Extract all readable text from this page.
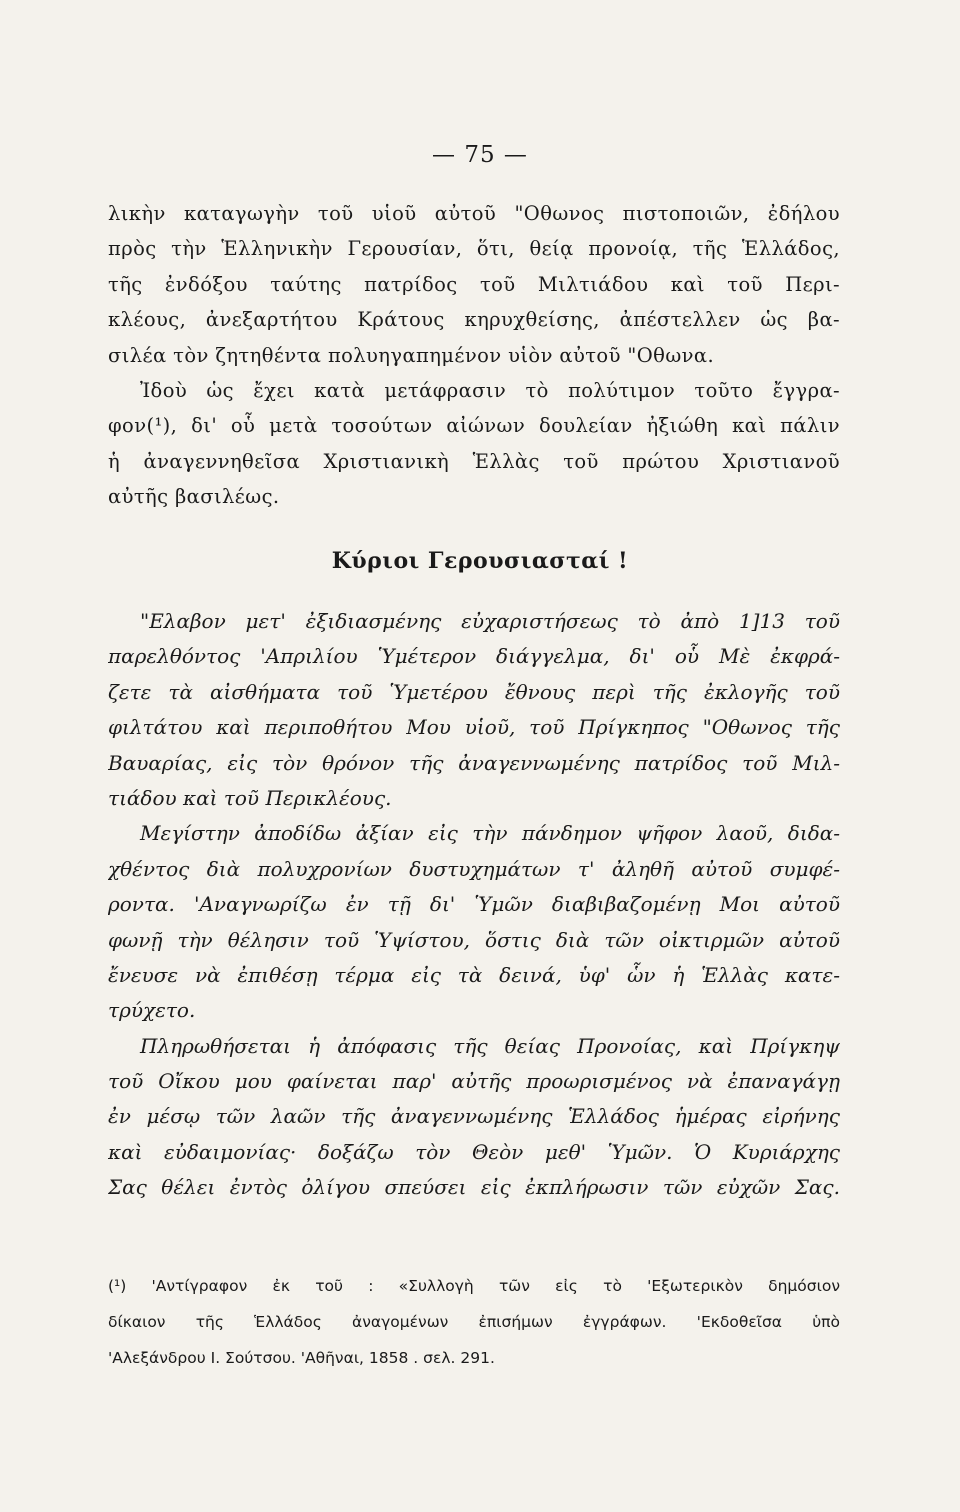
— 75 —
λικὴν καταγωγὴν τοῦ υἱοῦ αὐτοῦ "Οθωνος πιστοποιῶν, ἐδήλου
πρὸς τὴν Ἑλληνικὴν Γερουσίαν, ὅτι, θείᾳ προνοίᾳ, τῆς Ἑλλάδος,
τῆς ἐνδόξου ταύτης πατρίδος τοῦ Μιλτιάδου καὶ τοῦ Περι-
κλέους, ἀνεξαρτήτου Κράτους κηρυχθείσης, ἀπέστελλεν ὡς βα-
σιλέα τὸν ζητηθέντα πολυηγαπημένον υἱὸν αὐτοῦ "Οθωνα.
Ἰδοὺ ὡς ἔχει κατὰ μετάφρασιν τὸ πολύτιμον τοῦτο ἔγγρα-
φον(¹), δι' οὗ μετὰ τοσούτων αἰώνων δουλείαν ἠξιώθη καὶ πάλιν
ἡ ἀναγεννηθεῖσα Χριστιανικὴ Ἑλλὰς τοῦ πρώτου Χριστιανοῦ
αὐτῆς βασιλέως.
Κύριοι Γερουσιασταί !
"Ελαβον μετ' ἐξιδιασμένης εὐχαριστήσεως τὸ ἀπὸ 1]13 τοῦ
παρελθόντος 'Απριλίου Ὑμέτερον διάγγελμα, δι' οὗ Μὲ ἐκφρά-
ζετε τὰ αἰσθήματα τοῦ Ὑμετέρου ἔθνους περὶ τῆς ἐκλογῆς τοῦ
φιλτάτου καὶ περιποθήτου Μου υἱοῦ, τοῦ Πρίγκηπος "Οθωνος τῆς
Βαυαρίας, εἰς τὸν θρόνον τῆς ἀναγεννωμένης πατρίδος τοῦ Μιλ-
τιάδου καὶ τοῦ Περικλέους.
Μεγίστην ἀποδίδω ἀξίαν εἰς τὴν πάνδημον ψῆφον λαοῦ, διδα-
χθέντος διὰ πολυχρονίων δυστυχημάτων τ' ἀληθῆ αὐτοῦ συμφέ-
ροντα. 'Αναγνωρίζω ἐν τῇ δι' Ὑμῶν διαβιβαζομένῃ Μοι αὐτοῦ
φωνῇ τὴν θέλησιν τοῦ Ὑψίστου, ὅστις διὰ τῶν οἰκτιρμῶν αὐτοῦ
ἔνευσε νὰ ἐπιθέσῃ τέρμα εἰς τὰ δεινά, ὑφ' ὧν ἡ Ἑλλὰς κατε-
τρύχετο.
Πληρωθήσεται ἡ ἀπόφασις τῆς θείας Προνοίας, καὶ Πρίγκηψ
τοῦ Οἴκου μου φαίνεται παρ' αὐτῆς προωρισμένος νὰ ἐπαναγάγῃ
ἐν μέσῳ τῶν λαῶν τῆς ἀναγεννωμένης Ἑλλάδος ἡμέρας εἰρήνης
καὶ εὐδαιμονίας· δοξάζω τὸν Θεὸν μεθ' Ὑμῶν. Ὁ Κυριάρχης
Σας θέλει ἐντὸς ὀλίγου σπεύσει εἰς ἐκπλήρωσιν τῶν εὐχῶν Σας.
(¹) 'Αντίγραφον ἐκ τοῦ : «Συλλογὴ τῶν εἰς τὸ 'Εξωτερικὸν δημόσιον
δίκαιον τῆς Ἑλλάδος ἀναγομένων ἐπισήμων ἐγγράφων. 'Εκδοθεῖσα ὑπὸ
'Αλεξάνδρου Ι. Σούτσου. 'Αθῆναι, 1858 . σελ. 291.
